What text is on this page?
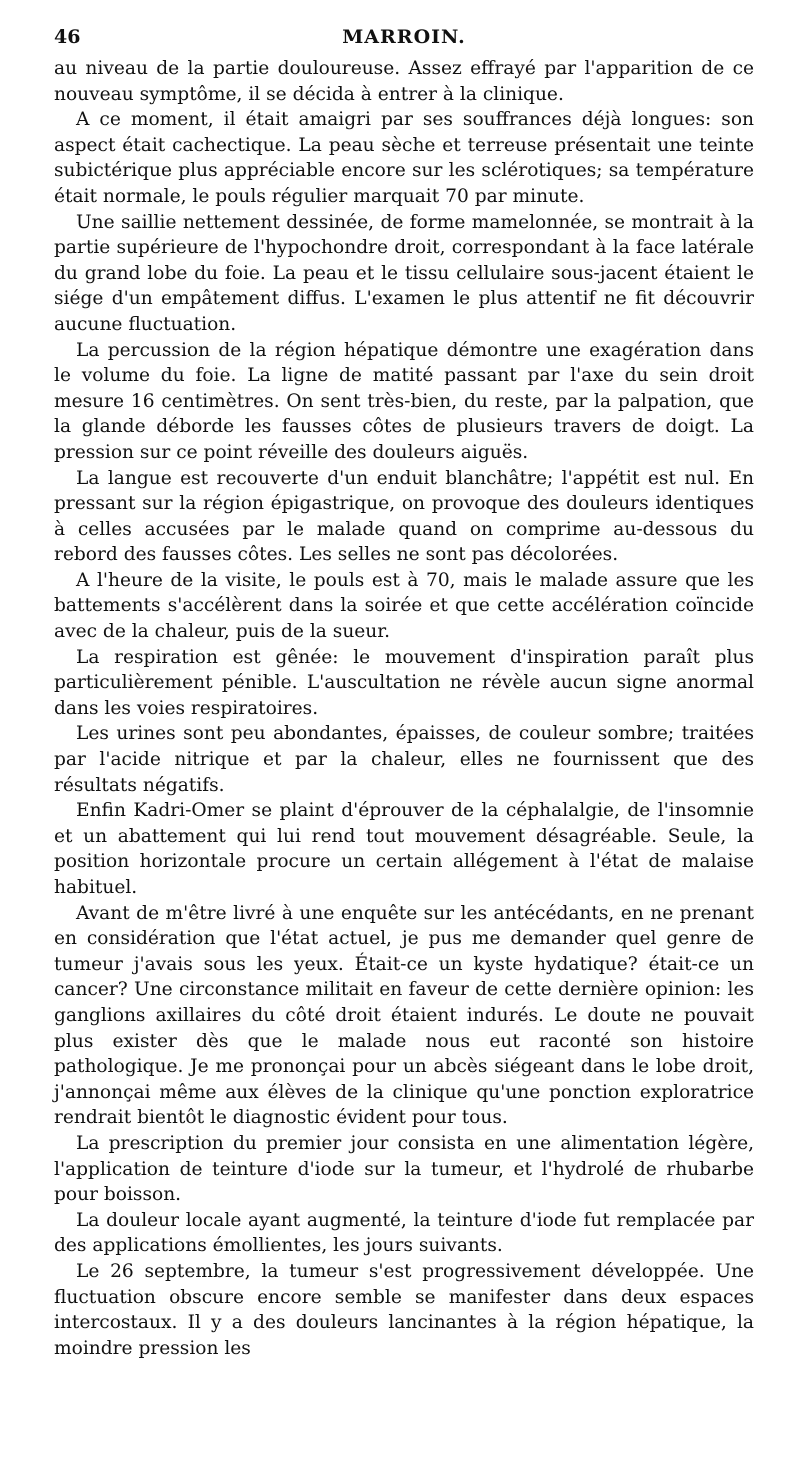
46	MARROIN.

au niveau de la partie douloureuse. Assez effrayé par l'apparition de ce nouveau symptôme, il se décida à entrer à la clinique.

A ce moment, il était amaigri par ses souffrances déjà longues: son aspect était cachectique. La peau sèche et terreuse présentait une teinte subictérique plus appréciable encore sur les sclérotiques; sa température était normale, le pouls régulier marquait 70 par minute.

Une saillie nettement dessinée, de forme mamelonnée, se montrait à la partie supérieure de l'hypochondre droit, correspondant à la face latérale du grand lobe du foie. La peau et le tissu cellulaire sous-jacent étaient le siége d'un empâtement diffus. L'examen le plus attentif ne fit découvrir aucune fluctuation.

La percussion de la région hépatique démontre une exagération dans le volume du foie. La ligne de matité passant par l'axe du sein droit mesure 16 centimètres. On sent très-bien, du reste, par la palpation, que la glande déborde les fausses côtes de plusieurs travers de doigt. La pression sur ce point réveille des douleurs aiguës.

La langue est recouverte d'un enduit blanchâtre; l'appétit est nul. En pressant sur la région épigastrique, on provoque des douleurs identiques à celles accusées par le malade quand on comprime au-dessous du rebord des fausses côtes. Les selles ne sont pas décolorées.

A l'heure de la visite, le pouls est à 70, mais le malade assure que les battements s'accélèrent dans la soirée et que cette accélération coïncide avec de la chaleur, puis de la sueur.

La respiration est gênée: le mouvement d'inspiration paraît plus particulièrement pénible. L'auscultation ne révèle aucun signe anormal dans les voies respiratoires.

Les urines sont peu abondantes, épaisses, de couleur sombre; traitées par l'acide nitrique et par la chaleur, elles ne fournissent que des résultats négatifs.

Enfin Kadri-Omer se plaint d'éprouver de la céphalalgie, de l'insomnie et un abattement qui lui rend tout mouvement désagréable. Seule, la position horizontale procure un certain allégement à l'état de malaise habituel.

Avant de m'être livré à une enquête sur les antécédants, en ne prenant en considération que l'état actuel, je pus me demander quel genre de tumeur j'avais sous les yeux. Était-ce un kyste hydatique? était-ce un cancer? Une circonstance militait en faveur de cette dernière opinion: les ganglions axillaires du côté droit étaient indurés. Le doute ne pouvait plus exister dès que le malade nous eut raconté son histoire pathologique. Je me prononçai pour un abcès siégeant dans le lobe droit, j'annonçai même aux élèves de la clinique qu'une ponction exploratrice rendrait bientôt le diagnostic évident pour tous.

La prescription du premier jour consista en une alimentation légère, l'application de teinture d'iode sur la tumeur, et l'hydrolé de rhubarbe pour boisson.

La douleur locale ayant augmenté, la teinture d'iode fut remplacée par des applications émollientes, les jours suivants.

Le 26 septembre, la tumeur s'est progressivement développée. Une fluctuation obscure encore semble se manifester dans deux espaces intercostaux. Il y a des douleurs lancinantes à la région hépatique, la moindre pression les
